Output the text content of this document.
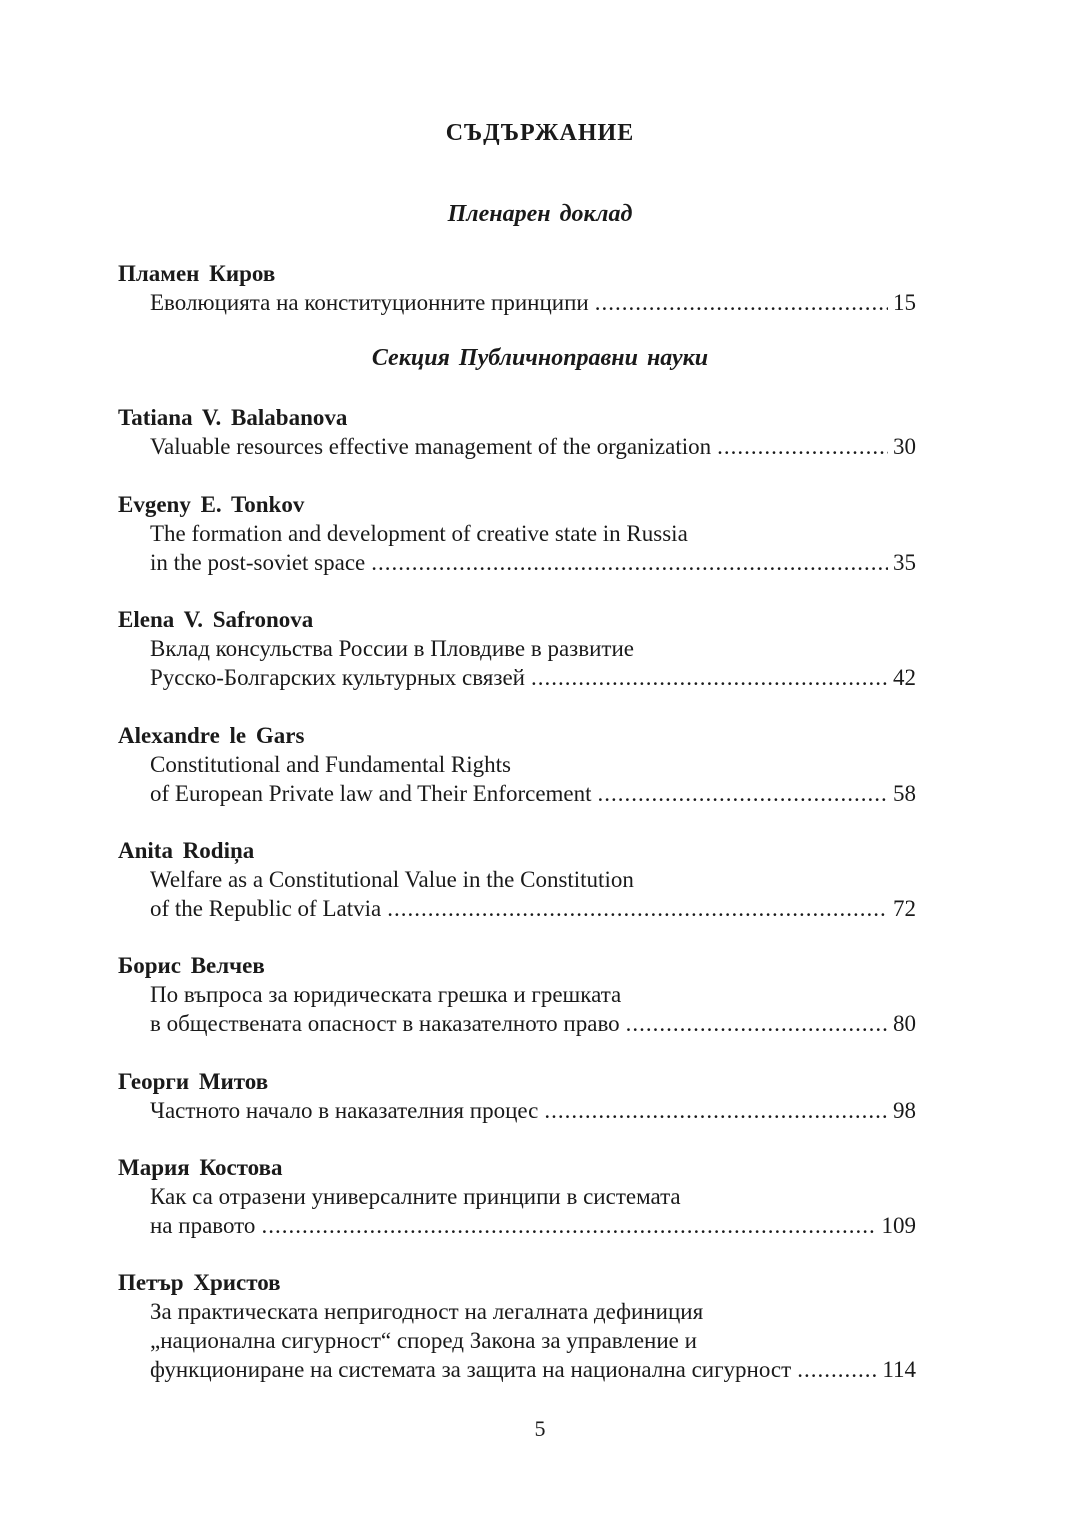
СЪДЪРЖАНИЕ
Пленарен доклад
Пламен Киров
Еволюцията на конституционните принципи .....	15
Секция Публичноправни науки
Tatiana V. Balabanova
Valuable resources effective management of the organization .....	30
Evgeny E. Tonkov
The formation and development of creative state in Russia
in the post-soviet space .....	35
Elena V. Safronova
Вклад консульства России в Пловдиве в развитие
Русско-Болгарских культурных связей .....	42
Alexandre le Gars
Constitutional and Fundamental Rights
of European Private law and Their Enforcement .....	58
Anita Rodiņa
Welfare as a Constitutional Value in the Constitution
of the Republic of Latvia .....	72
Борис Велчев
По въпроса за юридическата грешка и грешката
в обществената опасност в наказателното право .....	80
Георги Митов
Частното начало в наказателния процес .....	98
Мария Костова
Как са отразени универсалните принципи в системата
на правото .....	109
Петър Христов
За практическата непригодност на легалната дефиниция
„национална сигурност“ според Закона за управление и
функциониране на системата за защита на национална сигурност .....	114
5
